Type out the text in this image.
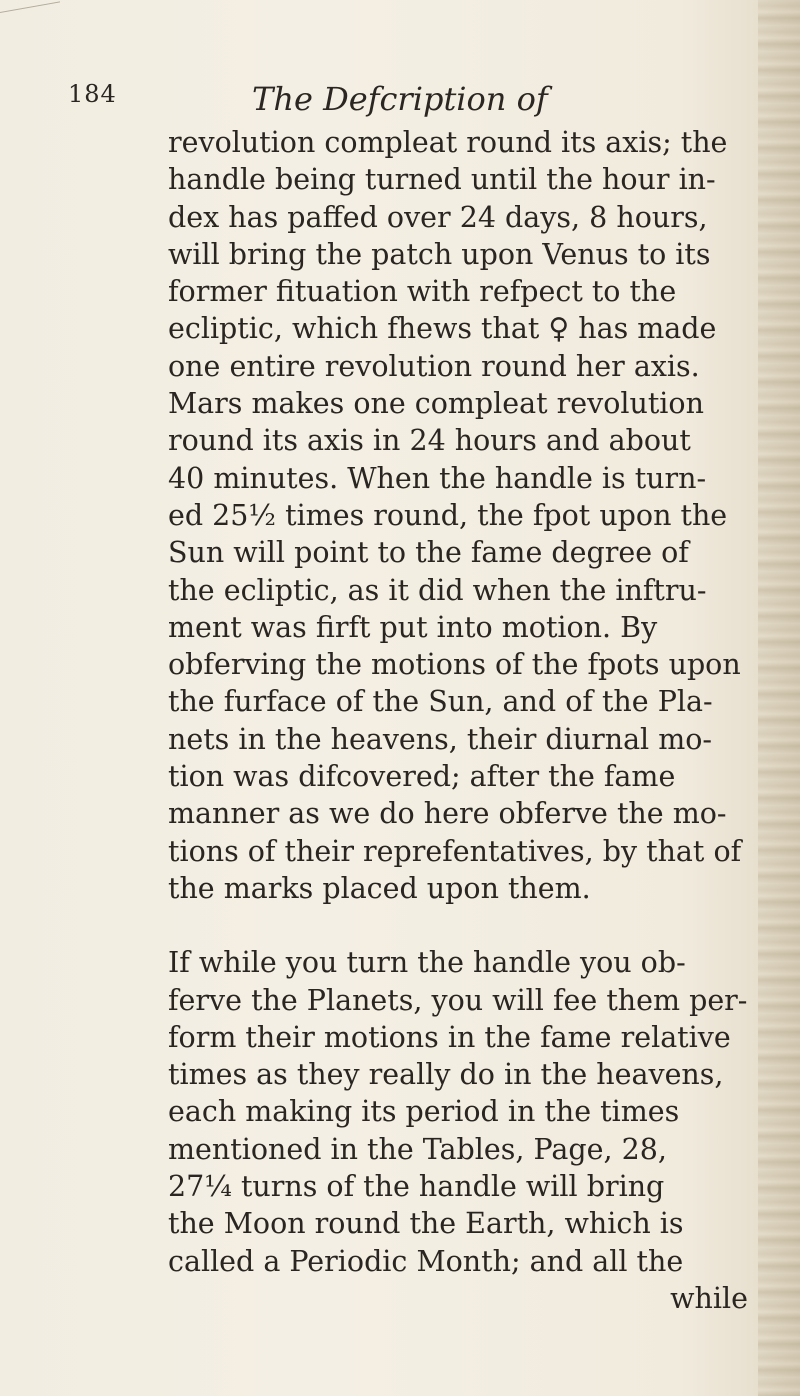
184	The Defcription of
revolution compleat round its axis; the
handle being turned until the hour in-
dex has paffed over 24 days, 8 hours,
will bring the patch upon Venus to its
former fituation with refpect to the
ecliptic, which fhews that ♀ has made
one entire revolution round her axis.
Mars makes one compleat revolution
round its axis in 24 hours and about
40 minutes. When the handle is turn-
ed 25½ times round, the fpot upon the
Sun will point to the fame degree of
the ecliptic, as it did when the inftru-
ment was firft put into motion. By
obferving the motions of the fpots upon
the furface of the Sun, and of the Pla-
nets in the heavens, their diurnal mo-
tion was difcovered; after the fame
manner as we do here obferve the mo-
tions of their reprefentatives, by that of
the marks placed upon them.
If while you turn the handle you ob-
ferve the Planets, you will fee them per-
form their motions in the fame relative
times as they really do in the heavens,
each making its period in the times
mentioned in the Tables, Page, 28,
27¼ turns of the handle will bring
the Moon round the Earth, which is
called a Periodic Month; and all the
while
